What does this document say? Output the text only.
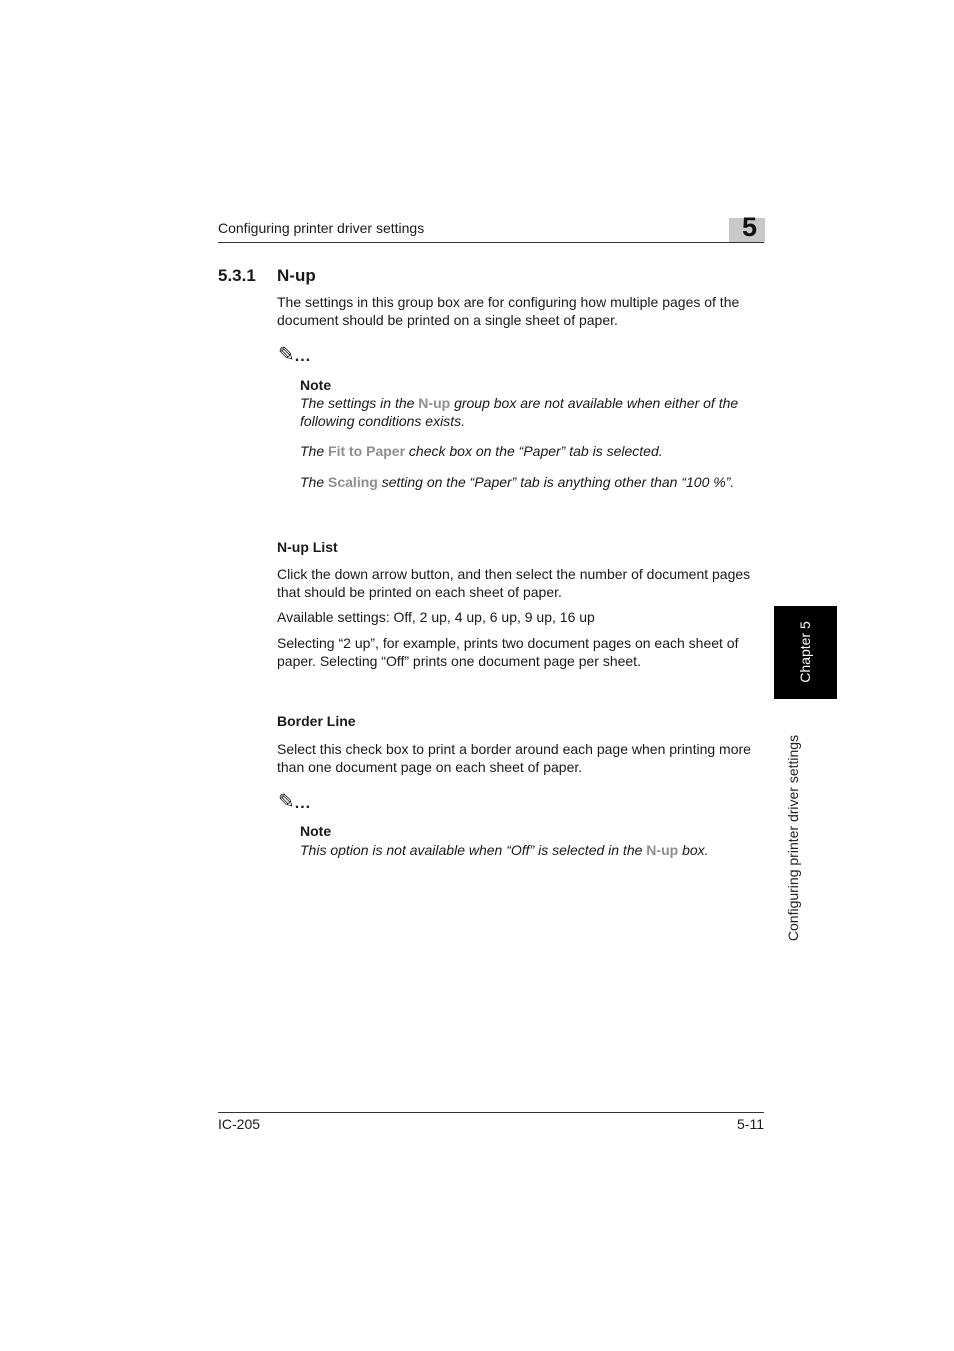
Configuring printer driver settings	5
5.3.1 N-up
The settings in this group box are for configuring how multiple pages of the document should be printed on a single sheet of paper.
✎...
Note
The settings in the N-up group box are not available when either of the following conditions exists.
The Fit to Paper check box on the “Paper” tab is selected.
The Scaling setting on the “Paper” tab is anything other than “100 %”.
N-up List
Click the down arrow button, and then select the number of document pages that should be printed on each sheet of paper.
Available settings: Off, 2 up, 4 up, 6 up, 9 up, 16 up
Selecting “2 up”, for example, prints two document pages on each sheet of paper. Selecting “Off” prints one document page per sheet.
Border Line
Select this check box to print a border around each page when printing more than one document page on each sheet of paper.
✎...
Note
This option is not available when “Off” is selected in the N-up box.
Chapter 5
Configuring printer driver settings
IC-205	5-11
